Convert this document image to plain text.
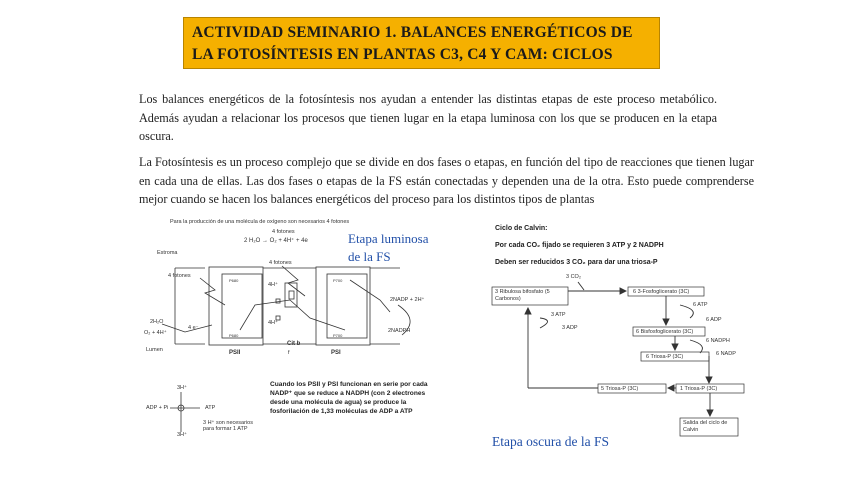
ACTIVIDAD SEMINARIO 1. BALANCES ENERGÉTICOS DE
LA FOTOSÍNTESIS EN PLANTAS C3, C4 Y CAM: CICLOS
Los balances energéticos de la fotosíntesis nos ayudan a entender las distintas etapas de este proceso metabólico. Además ayudan a relacionar los procesos que tienen lugar en la etapa luminosa con los que se producen en la etapa oscura.
La Fotosíntesis es un proceso complejo que se divide en dos fases o etapas, en función del tipo de reacciones que tienen lugar en cada una de ellas. Las dos fases o etapas de la FS están conectadas y dependen una de la otra. Esto puede comprenderse mejor cuando se hacen los balances energéticos del proceso para los distintos tipos de plantas
Para la producción de una molécula de oxígeno son necesarios 4 fotones
4 fotones
2 H₂O → O₂ + 4H⁺ + 4e
Estroma
4 fotones
4 fotones
4H⁺
4H⁺
2NADP + 2H⁺
2NADPH
2H₂O
O₂ + 4H⁺
4 e⁻
Lumen	PSII	PSI
Cit b
f
3H⁺
ADP + Pi	ATP
3H⁺
3 H⁺ son necesarios para formar 1 ATP
Etapa luminosa
de la FS
Cuando los PSII y PSI funcionan en serie por cada NADP⁺ que se reduce a NADPH (con 2 electrones desde una molécula de agua) se produce la fosforilación de 1,33 moléculas de ADP a ATP
P680	P700
P680	P700
Ciclo de Calvin:
Por cada CO₂ fijado se requieren 3 ATP y 2 NADPH
Deben ser reducidos 3 CO₂ para dar una triosa-P
3 CO₂
3 Ribulosa bifosfato (5 Carbonos)
6 3-Fosfoglicerato (3C)
6 ATP
6 ADP
6 Bisfosfoglicerato (3C)
6 NADPH
6 NADP
6 Triosa-P (3C)
3 ATP
3 ADP
5 Triosa-P (3C)	1 Triosa-P (3C)
Salida del ciclo de Calvin
Etapa oscura de la FS
